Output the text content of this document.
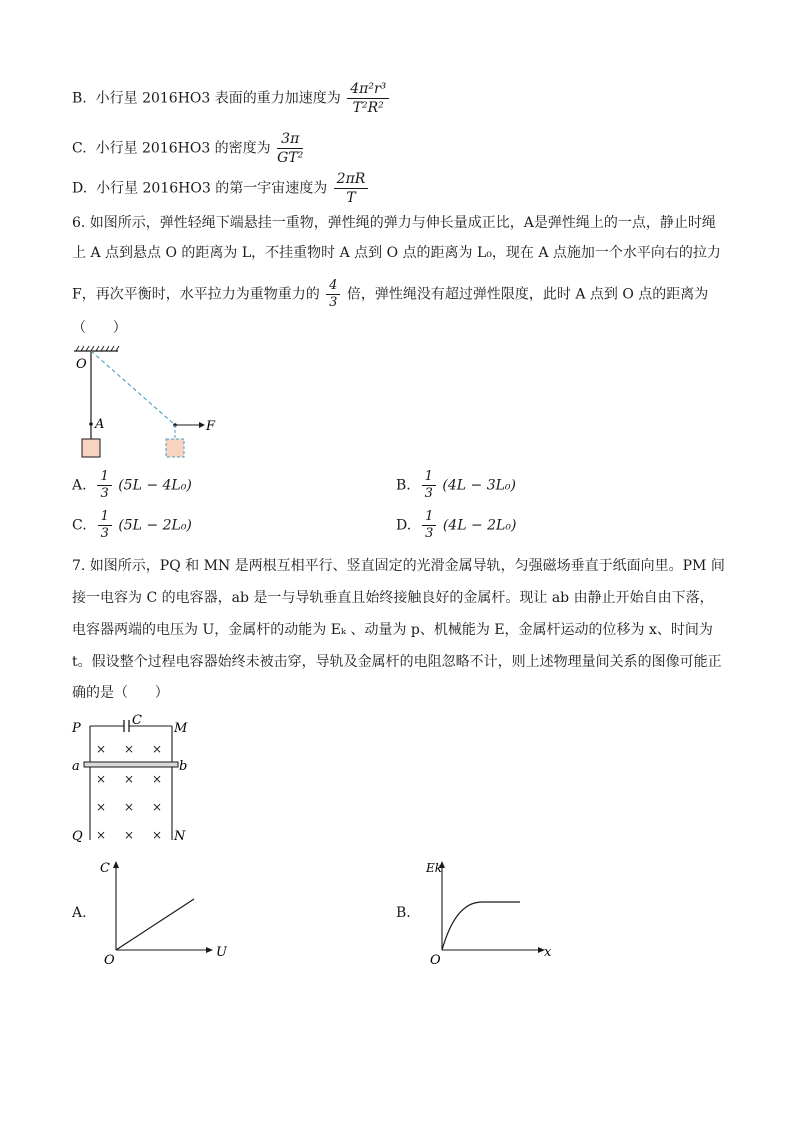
B.  小行星 2016HO3 表面的重力加速度为 $\frac{\text{4π²r³}}{\text{T²R²}}$
C.  小行星 2016HO3 的密度为 $\frac{3\pi}{\text{GT²}}$
D.  小行星 2016HO3 的第一宇宙速度为 $\frac{2\pi R}{T}$
6. 如图所示，弹性轻绳下端悬挂一重物，弹性绳的弹力与伸长量成正比，A是弹性绳上的一点，静止时绳
上 A 点到悬点 O 的距离为 L，不挂重物时 A 点到 O 点的距离为 L₀，现在 A 点施加一个水平向右的拉力
F，再次平衡时，水平拉力为重物重力的 $\frac{4}{3}$ 倍，弹性绳没有超过弹性限度，此时 A 点到 O 点的距离为
（      ）
O
A	F
A. $\frac{1}{3} (5L - 4L_0)$	B. $\frac{1}{3} (4L - 3L_0)$
C. $\frac{1}{3} (5L - 2L_0)$	D. $\frac{1}{3} (4L - 2L_0)$
7. 如图所示，PQ 和 MN 是两根互相平行、竖直固定的光滑金属导轨，匀强磁场垂直于纸面向里。PM 间
接一电容为 C 的电容器，ab 是一与导轨垂直且始终接触良好的金属杆。现让 ab 由静止开始自由下落，
电容器两端的电压为 U，金属杆的动能为 Eₖ 、动量为 p、机械能为 E，金属杆运动的位移为 x、时间为
t。假设整个过程电容器始终未被击穿，导轨及金属杆的电阻忽略不计，则上述物理量间关系的图像可能正
确的是（      ）
P
C
M
a	b
× × ×
× × ×
× × ×
× × ×
Q	N
A.
C
U
O
B.
Ek
x
O
